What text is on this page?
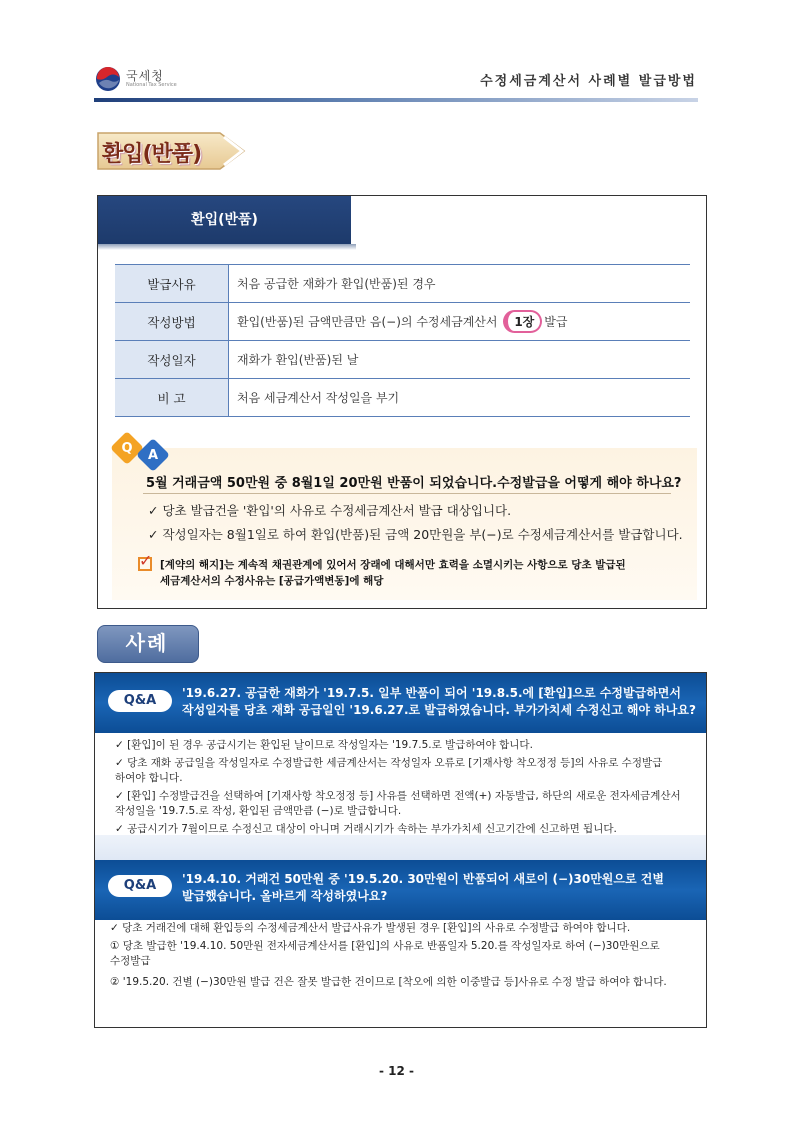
국세청
National Tax Service	수정세금계산서 사례별 발급방법
환입(반품)
환입(반품)
발급사유	처음 공급한 재화가 환입(반품)된 경우
작성방법	환입(반품)된 금액만큼만 음(−)의 수정세금계산서 1장 발급
작성일자	재화가 환입(반품)된 날
비 고	처음 세금계산서 작성일을 부기
Q	A
5월 거래금액 50만원 중 8월1일 20만원 반품이 되었습니다.수정발급을 어떻게 해야 하나요?
✓ 당초 발급건을 '환입'의 사유로 수정세금계산서 발급 대상입니다.
✓ 작성일자는 8월1일로 하여 환입(반품)된 금액 20만원을 부(−)로 수정세금계산서를 발급합니다.
✓ [계약의 해지]는 계속적 채권관계에 있어서 장래에 대해서만 효력을 소멸시키는 사항으로 당초 발급된
세금계산서의 수정사유는 [공급가액변동]에 해당
사례
Q&A	'19.6.27. 공급한 재화가 '19.7.5. 일부 반품이 되어 '19.8.5.에 [환입]으로 수정발급하면서
작성일자를 당초 재화 공급일인 '19.6.27.로 발급하였습니다. 부가가치세 수정신고 해야 하나요?
✓ [환입]이 된 경우 공급시기는 환입된 날이므로 작성일자는 '19.7.5.로 발급하여야 합니다.
✓ 당초 재화 공급일을 작성일자로 수정발급한 세금계산서는 작성일자 오류로 [기재사항 착오정정 등]의 사유로 수정발급
하여야 합니다.
✓ [환입] 수정발급건을 선택하여 [기재사항 착오정정 등] 사유를 선택하면 전액(+) 자동발급, 하단의 새로운 전자세금계산서
작성일을 '19.7.5.로 작성, 환입된 금액만큼 (−)로 발급합니다.
✓ 공급시기가 7월이므로 수정신고 대상이 아니며 거래시기가 속하는 부가가치세 신고기간에 신고하면 됩니다.
Q&A	'19.4.10. 거래건 50만원 중 '19.5.20. 30만원이 반품되어 새로이 (−)30만원으로 건별
발급했습니다. 올바르게 작성하였나요?
✓ 당초 거래건에 대해 환입등의 수정세금계산서 발급사유가 발생된 경우 [환입]의 사유로 수정발급 하여야 합니다.
① 당초 발급한 '19.4.10. 50만원 전자세금계산서를 [환입]의 사유로 반품일자 5.20.를 작성일자로 하여 (−)30만원으로
수정발급
② '19.5.20. 건별 (−)30만원 발급 건은 잘못 발급한 건이므로 [착오에 의한 이중발급 등]사유로 수정 발급 하여야 합니다.
- 12 -
